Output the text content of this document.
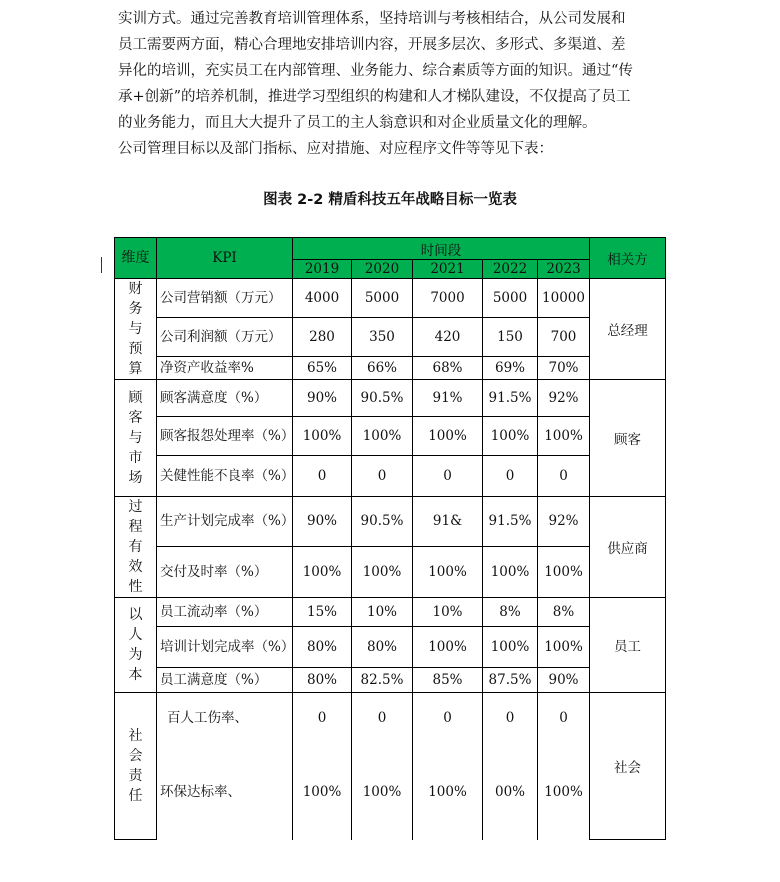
实训方式。通过完善教育培训管理体系，坚持培训与考核相结合，从公司发展和

员工需要两方面，精心合理地安排培训内容，开展多层次、多形式、多渠道、差

异化的培训，充实员工在内部管理、业务能力、综合素质等方面的知识。通过“传

承+创新”的培养机制，推进学习型组织的构建和人才梯队建设，不仅提高了员工

的业务能力，而且大大提升了员工的主人翁意识和对企业质量文化的理解。

公司管理目标以及部门指标、应对措施、对应程序文件等等见下表：

图表 2-2 精盾科技五年战略目标一览表
维度	KPI	时间段					相关方
		2019	2020	2021	2022	2023	

财务与预算	公司营销额（万元）	4000	5000	7000	5000	10000	总经理
	公司利润额（万元）	280	350	420	150	700	
	净资产收益率%	65%	66%	68%	69%	70%	

顾客与市场	顾客满意度（%）	90%	90.5%	91%	91.5%	92%	顾客
	顾客报怨处理率（%）	100%	100%	100%	100%	100%	
	关健性能不良率（%）	0	0	0	0	0	

过程有效性	生产计划完成率（%）	90%	90.5%	91&	91.5%	92%	供应商
	交付及时率（%）	100%	100%	100%	100%	100%	

以人为本	员工流动率（%）	15%	10%	10%	8%	8%	员工
	培训计划完成率（%）	80%	80%	100%	100%	100%	
	员工满意度（%）	80%	82.5%	85%	87.5%	90%	

社会责任	百人工伤率、	0	0	0	0	0	社会
	环保达标率、	100%	100%	100%	00%	100%	
